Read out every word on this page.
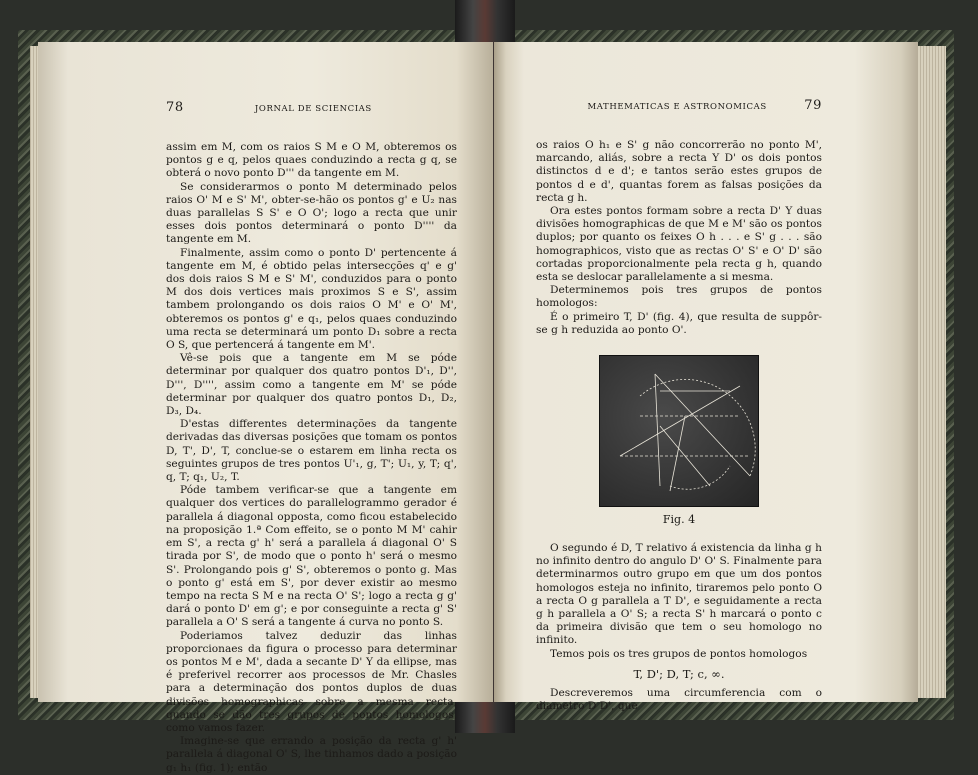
78	JORNAL DE SCIENCIAS

assim em M, com os raios S M e O M, obteremos os pontos g e q, pelos quaes conduzindo a recta g q, se obterá o novo ponto D''' da tangente em M.

Se considerarmos o ponto M determinado pelos raios O' M e S' M', obter-se-hão os pontos g' e U₂ nas duas parallelas S S' e O O'; logo a recta que unir esses dois pontos determinará o ponto D'''' da tangente em M.

Finalmente, assim como o ponto D' pertencente á tangente em M, é obtido pelas intersecções q' e g' dos dois raios S M e S' M', conduzidos para o ponto M dos dois vertices mais proximos S e S', assim tambem prolongando os dois raios O M' e O' M', obteremos os pontos g' e q₁, pelos quaes conduzindo uma recta se determinará um ponto D₁ sobre a recta O S, que pertencerá á tangente em M'.

Vê-se pois que a tangente em M se póde determinar por qualquer dos quatro pontos D'₁, D'', D''', D'''', assim como a tangente em M' se póde determinar por qualquer dos quatro pontos D₁, D₂, D₃, D₄.

D'estas differentes determinações da tangente derivadas das diversas posições que tomam os pontos D, T', D', T, conclue-se o estarem em linha recta os seguintes grupos de tres pontos U'₁, g, T'; U₁, y, T; q', q, T; q₁, U₂, T.

Póde tambem verificar-se que a tangente em qualquer dos vertices do parallelogrammo gerador é parallela á diagonal opposta, como ficou estabelecido na proposição 1.ª Com effeito, se o ponto M M' cahir em S', a recta g' h' será a parallela á diagonal O' S tirada por S', de modo que o ponto h' será o mesmo S'. Prolongando pois g' S', obteremos o ponto g. Mas o ponto g' está em S', por dever existir ao mesmo tempo na recta S M e na recta O' S'; logo a recta g g' dará o ponto D' em g'; e por conseguinte a recta g' S' parallela a O' S será a tangente á curva no ponto S.

Poderiamos talvez deduzir das linhas proporcionaes da figura o processo para determinar os pontos M e M', dada a secante D' Y da ellipse, mas é preferivel recorrer aos processos de Mr. Chasles para a determinação dos pontos duplos de duas divisões homographicas sobre a mesma recta, quando se dão tres grupos de pontos homologos, como vamos fazer.

Imagine-se que errando a posição da recta g' h' parallela á diagonal O' S, lhe tinhamos dado a posição g₁ h₁ (fig. 1); então

MATHEMATICAS E ASTRONOMICAS	79

os raios O h₁ e S' g não concorrerão no ponto M', marcando, aliás, sobre a recta Y D' os dois pontos distinctos d e d'; e tantos serão estes grupos de pontos d e d', quantas forem as falsas posições da recta g h.

Ora estes pontos formam sobre a recta D' Y duas divisões homographicas de que M e M' são os pontos duplos; por quanto os feixes O h . . . e S' g . . . são homographicos, visto que as rectas O' S' e O' D' são cortadas proporcionalmente pela recta g h, quando esta se deslocar parallelamente a si mesma.

Determinemos pois tres grupos de pontos homologos:

É o primeiro T, D' (fig. 4), que resulta de suppôr-se g h reduzida ao ponto O'.

Fig. 4

O segundo é D, T relativo á existencia da linha g h no infinito dentro do angulo D' O' S. Finalmente para determinarmos outro grupo em que um dos pontos homologos esteja no infinito, tiraremos pelo ponto O a recta O g parallela a T D', e seguidamente a recta g h parallela a O' S; a recta S' h marcará o ponto c da primeira divisão que tem o seu homologo no infinito.

Temos pois os tres grupos de pontos homologos

T, D'; D, T; c, ∞.

Descreveremos uma circumferencia com o diametro D D', que
